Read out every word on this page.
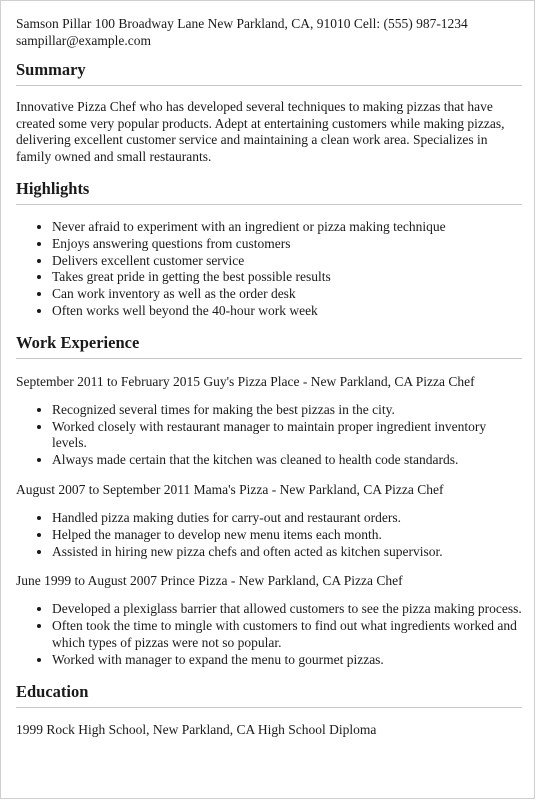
Samson Pillar 100 Broadway Lane New Parkland, CA, 91010 Cell: (555) 987-1234
sampillar@example.com
Summary

Innovative Pizza Chef who has developed several techniques to making pizzas that have created some very popular products. Adept at entertaining customers while making pizzas, delivering excellent customer service and maintaining a clean work area. Specializes in family owned and small restaurants.

Highlights
• Never afraid to experiment with an ingredient or pizza making technique
• Enjoys answering questions from customers
• Delivers excellent customer service
• Takes great pride in getting the best possible results
• Can work inventory as well as the order desk
• Often works well beyond the 40-hour work week
Work Experience

September 2011 to February 2015 Guy's Pizza Place - New Parkland, CA Pizza Chef

• Recognized several times for making the best pizzas in the city.
• Worked closely with restaurant manager to maintain proper ingredient inventory levels.
• Always made certain that the kitchen was cleaned to health code standards.

August 2007 to September 2011 Mama's Pizza - New Parkland, CA Pizza Chef

• Handled pizza making duties for carry-out and restaurant orders.
• Helped the manager to develop new menu items each month.
• Assisted in hiring new pizza chefs and often acted as kitchen supervisor.

June 1999 to August 2007 Prince Pizza - New Parkland, CA Pizza Chef

• Developed a plexiglass barrier that allowed customers to see the pizza making process.
• Often took the time to mingle with customers to find out what ingredients worked and which types of pizzas were not so popular.
• Worked with manager to expand the menu to gourmet pizzas.
Education

1999 Rock High School, New Parkland, CA High School Diploma
